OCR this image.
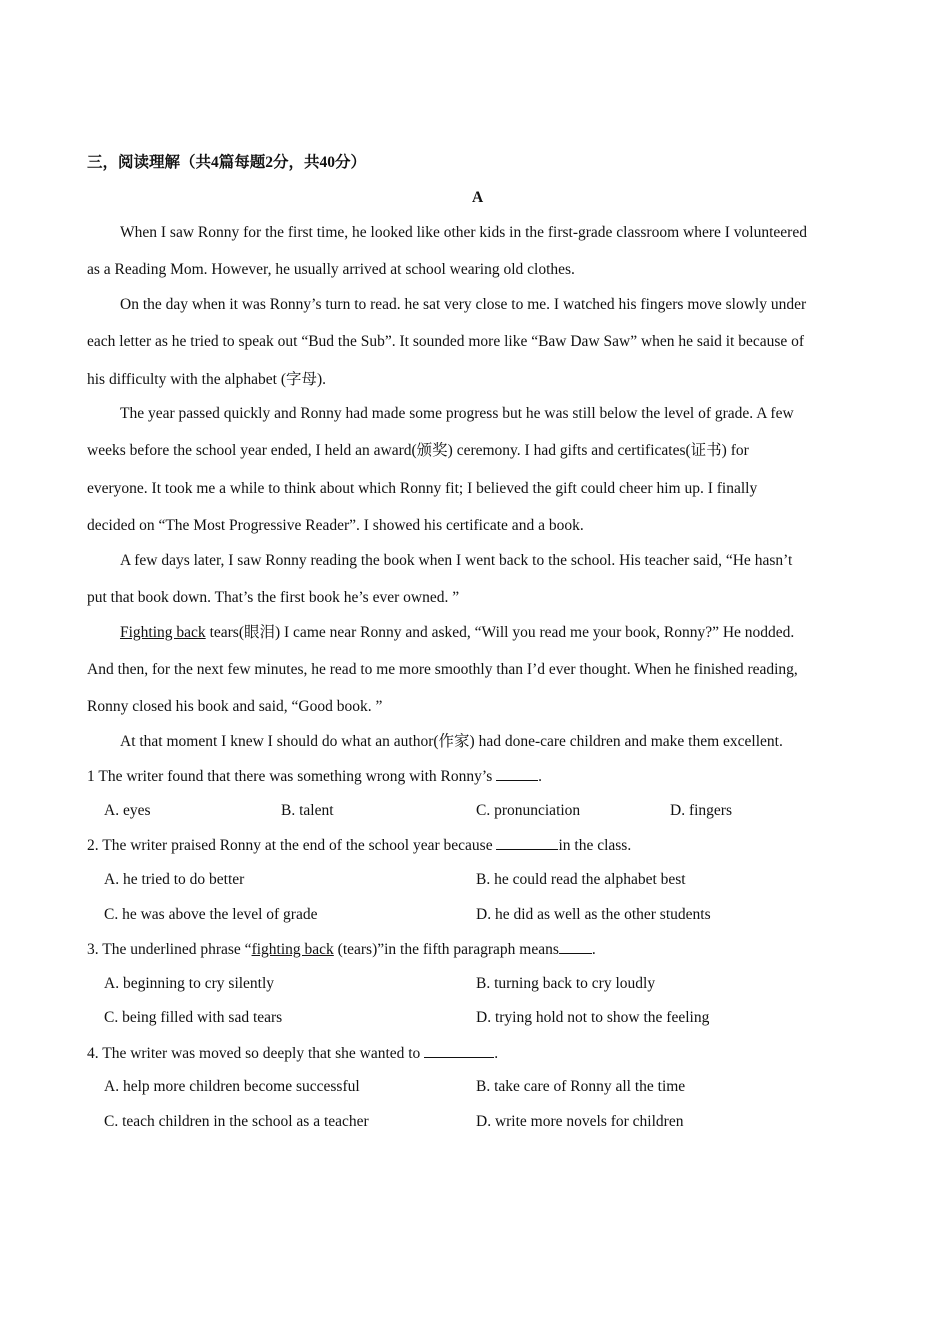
三，阅读理解（共4篇每题2分，共40分）
A
When I saw Ronny for the first time, he looked like other kids in the first-grade classroom where I volunteered
as a Reading Mom. However, he usually arrived at school wearing old clothes.
On the day when it was Ronny’s turn to read. he sat very close to me. I watched his fingers move slowly under
each letter as he tried to speak out “Bud the Sub”. It sounded more like “Baw Daw Saw” when he said it because of
his difficulty with the alphabet (字母).
The year passed quickly and Ronny had made some progress but he was still below the level of grade. A few
weeks before the school year ended, I held an award(颁奖) ceremony. I had gifts and certificates(证书) for
everyone. It took me a while to think about which Ronny fit; I believed the gift could cheer him up. I finally
decided on “The Most Progressive Reader”. I showed his certificate and a book.
A few days later, I saw Ronny reading the book when I went back to the school. His teacher said, “He hasn’t
put that book down. That’s the first book he’s ever owned. ”
Fighting back tears(眼泪) I came near Ronny and asked, “Will you read me your book, Ronny?” He nodded.
And then, for the next few minutes, he read to me more smoothly than I’d ever thought. When he finished reading,
Ronny closed his book and said, “Good book. ”
At that moment I knew I should do what an author(作家) had done-care children and make them excellent.
1 The writer found that there was something wrong with Ronny’s	.
A. eyes	B. talent	C. pronunciation	D. fingers
2. The writer praised Ronny at the end of the school year because	in the class.
A. he tried to do better	B. he could read the alphabet best
C. he was above the level of grade	D. he did as well as the other students
3. The underlined phrase “fighting back (tears)”in the fifth paragraph means .
A. beginning to cry silently	B. turning back to cry loudly
C. being filled with sad tears	D. trying hold not to show the feeling
4. The writer was moved so deeply that she wanted to	.
A. help more children become successful	B. take care of Ronny all the time
C. teach children in the school as a teacher	D. write more novels for children
